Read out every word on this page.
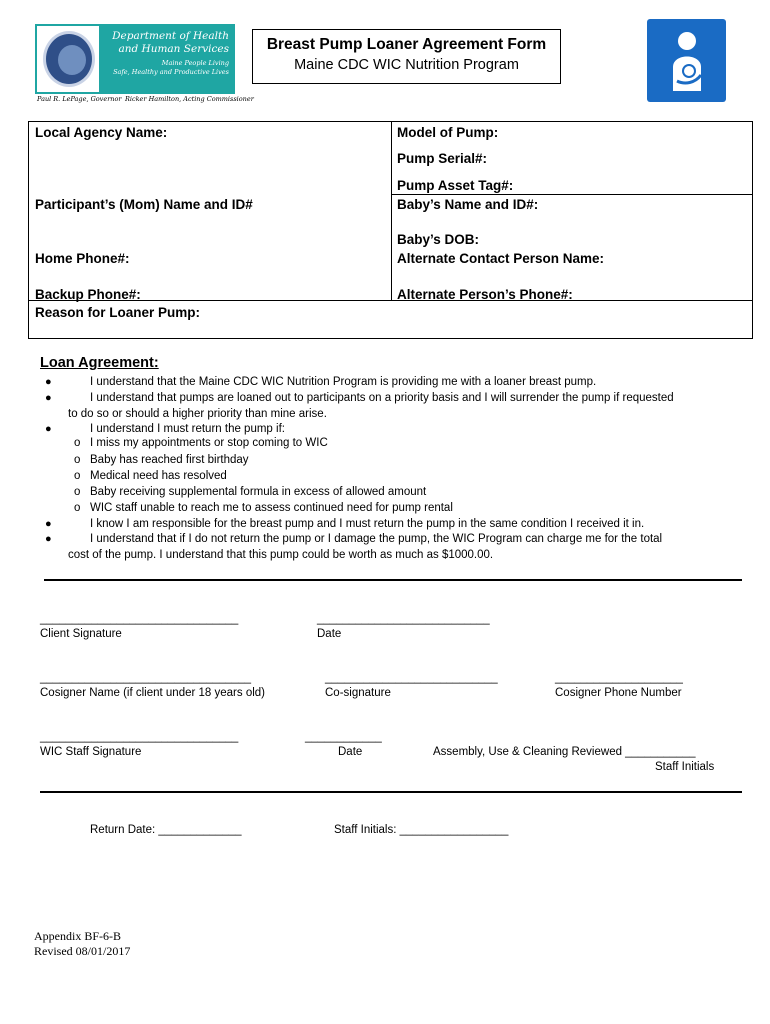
Department of Health
and Human Services
Maine People Living
Safe, Healthy and Productive Lives
Paul R. LePage, Governor Ricker Hamilton, Acting Commissioner
Breast Pump Loaner Agreement Form
Maine CDC WIC Nutrition Program
Local Agency Name:	Model of Pump:
Pump Serial#:
Pump Asset Tag#:
Participant’s (Mom) Name and ID#	Baby’s Name and ID#:
Baby’s DOB:
Home Phone#:	Alternate Contact Person Name:
Backup Phone#:	Alternate Person’s Phone#:
Reason for Loaner Pump:
Loan Agreement:
●	I understand that the Maine CDC WIC Nutrition Program is providing me with a loaner breast pump.
●	I understand that pumps are loaned out to participants on a priority basis and I will surrender the pump if requested
to do so or should a higher priority than mine arise.
●	I understand I must return the pump if:
o I miss my appointments or stop coming to WIC
o Baby has reached first birthday
o Medical need has resolved
o Baby receiving supplemental formula in excess of allowed amount
o WIC staff unable to reach me to assess continued need for pump rental
●	I know I am responsible for the breast pump and I must return the pump in the same condition I received it in.
●	I understand that if I do not return the pump or I damage the pump, the WIC Program can charge me for the total
cost of the pump. I understand that this pump could be worth as much as $1000.00.
_______________________________
Client Signature
___________________________
Date
_________________________________
Cosigner Name (if client under 18 years old)
___________________________
Co-signature
____________________
Cosigner Phone Number
_______________________________
WIC Staff Signature
____________
Date	Assembly, Use & Cleaning Reviewed ___________
Staff Initials
Return Date: _____________	Staff Initials: _________________
Appendix BF-6-B
Revised 08/01/2017
